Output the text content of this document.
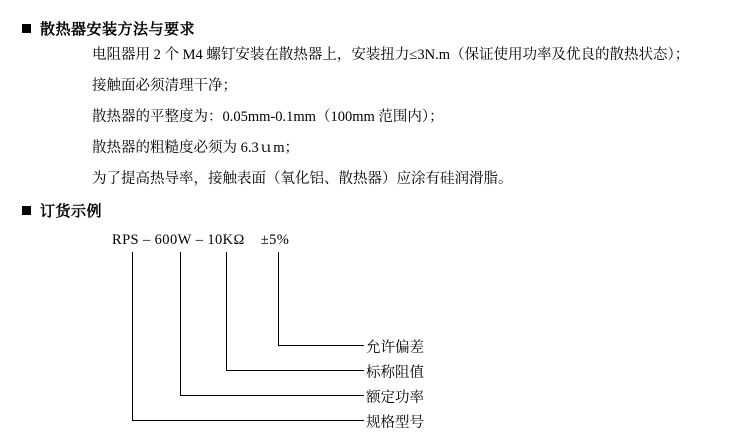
散热器安装方法与要求
电阻器用 2 个 M4 螺钉安装在散热器上，安装扭力≤3N.m（保证使用功率及优良的散热状态）；
接触面必须清理干净；
散热器的平整度为：0.05mm-0.1mm（100mm 范围内）；
散热器的粗糙度必须为 6.3ｕm；
为了提高热导率，接触表面（氧化铝、散热器）应涂有硅润滑脂。
订货示例
RPS – 600W – 10KΩ ±5%
允许偏差
标称阻值
额定功率
规格型号
